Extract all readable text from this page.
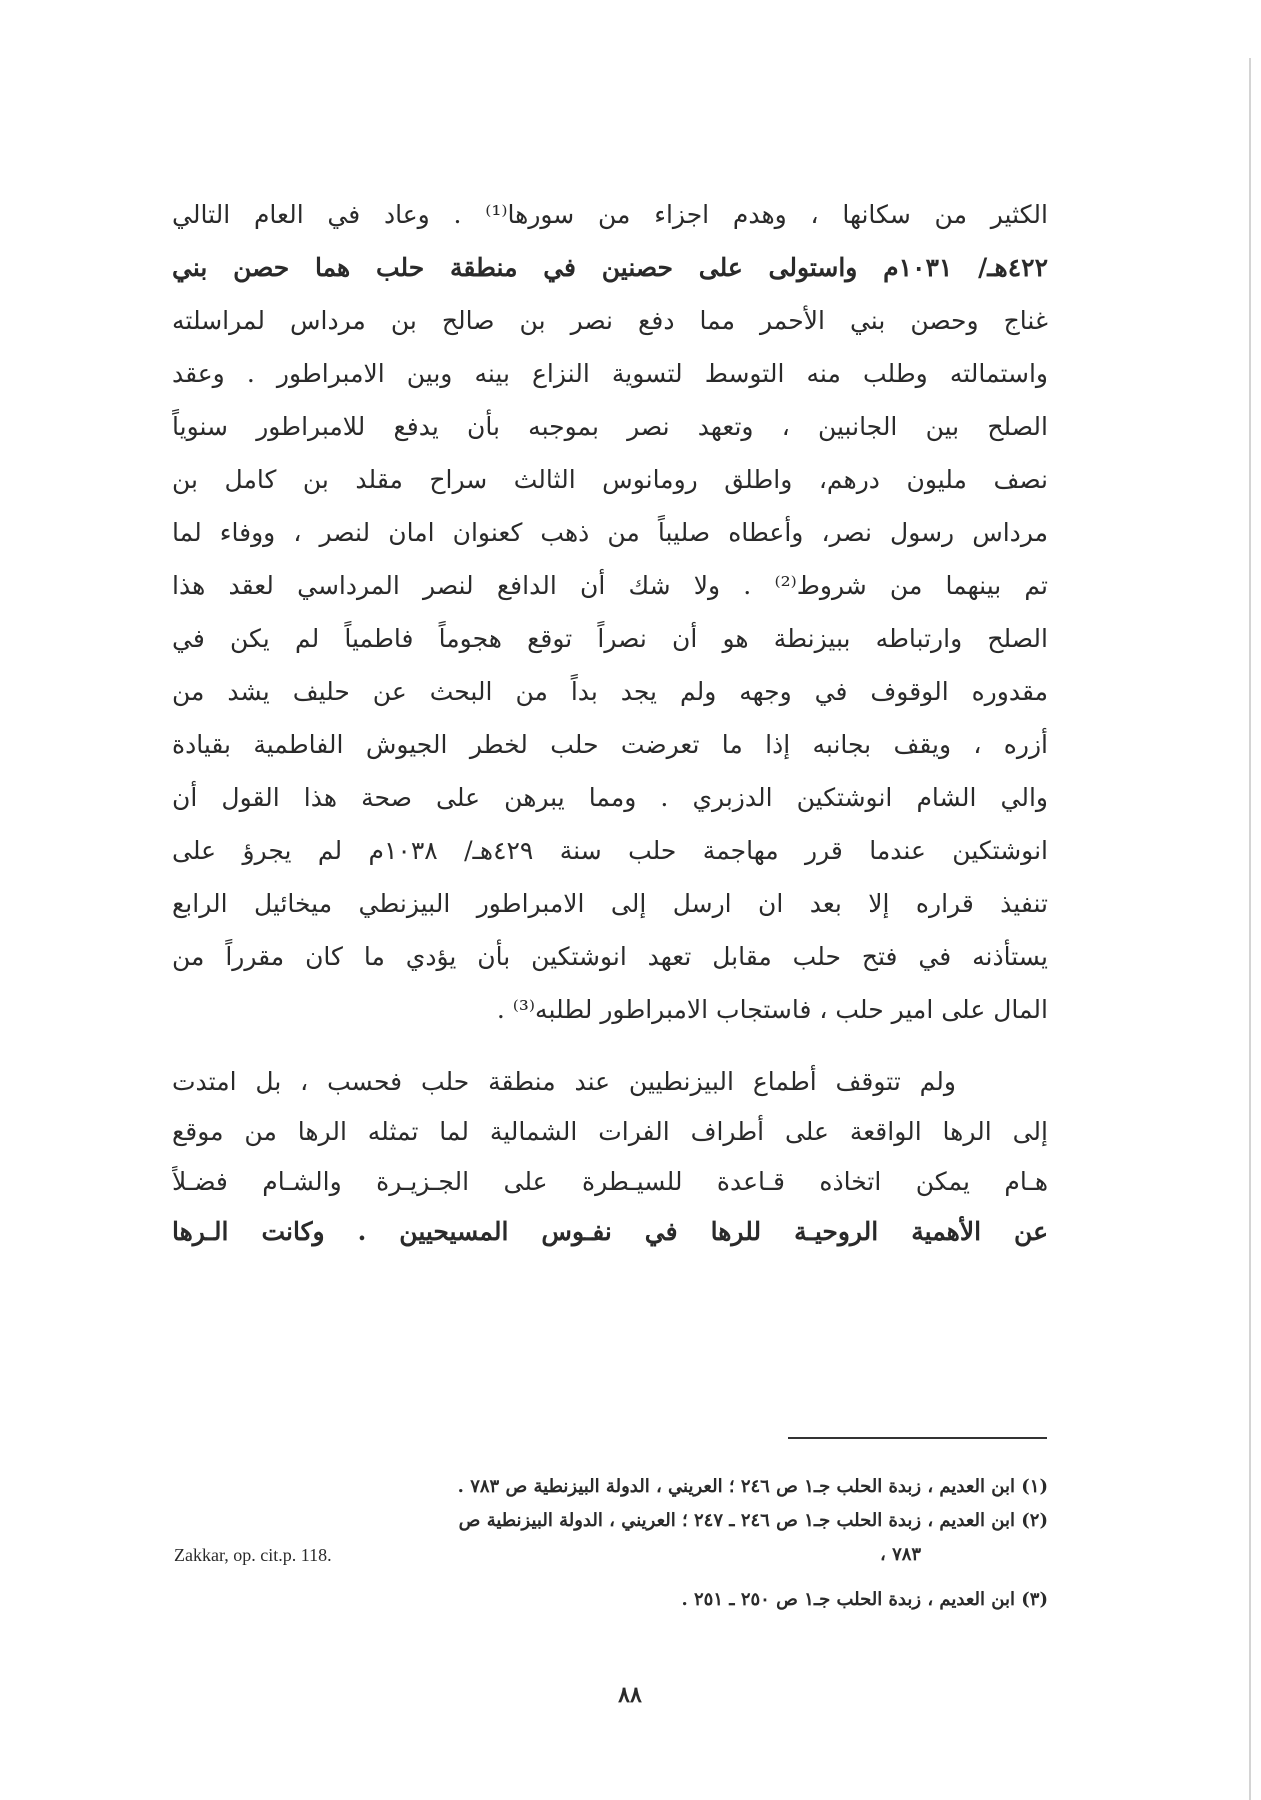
الكثير من سكانها ، وهدم اجزاء من سورها⁽¹⁾ . وعاد في العام التالي
٤٢٢هـ/ ١٠٣١م واستولى على حصنين في منطقة حلب هما حصن بني
غناج وحصن بني الأحمر مما دفع نصر بن صالح بن مرداس لمراسلته
واستمالته وطلب منه التوسط لتسوية النزاع بينه وبين الامبراطور . وعقد
الصلح بين الجانبين ، وتعهد نصر بموجبه بأن يدفع للامبراطور سنوياً
نصف مليون درهم، واطلق رومانوس الثالث سراح مقلد بن كامل بن
مرداس رسول نصر، وأعطاه صليباً من ذهب كعنوان امان لنصر ، ووفاء لما
تم بينهما من شروط⁽²⁾ . ولا شك أن الدافع لنصر المرداسي لعقد هذا
الصلح وارتباطه ببيزنطة هو أن نصراً توقع هجوماً فاطمياً لم يكن في
مقدوره الوقوف في وجهه ولم يجد بداً من البحث عن حليف يشد من
أزره ، ويقف بجانبه إذا ما تعرضت حلب لخطر الجيوش الفاطمية بقيادة
والي الشام انوشتكين الدزبري . ومما يبرهن على صحة هذا القول أن
انوشتكين عندما قرر مهاجمة حلب سنة ٤٢٩هـ/ ١٠٣٨م لم يجرؤ على
تنفيذ قراره إلا بعد ان ارسل إلى الامبراطور البيزنطي ميخائيل الرابع
يستأذنه في فتح حلب مقابل تعهد انوشتكين بأن يؤدي ما كان مقرراً من
المال على امير حلب ، فاستجاب الامبراطور لطلبه⁽³⁾ .
ولم تتوقف أطماع البيزنطيين عند منطقة حلب فحسب ، بل امتدت
إلى الرها الواقعة على أطراف الفرات الشمالية لما تمثله الرها من موقع
هـام يمكن اتخاذه قـاعدة للسيـطرة على الجـزيـرة والشـام فضـلاً
عن الأهمية الروحيـة للرها في نفـوس المسيحيين . وكانت الـرها
(١) ابن العديم ، زبدة الحلب جـ١ ص ٢٤٦ ؛ العريني ، الدولة البيزنطية ص ٧٨٣ .
(٢) ابن العديم ، زبدة الحلب جـ١ ص ٢٤٦ ـ ٢٤٧ ؛ العريني ، الدولة البيزنطية ص
٧٨٣ ،
Zakkar, op. cit.p. 118.
(٣) ابن العديم ، زبدة الحلب جـ١ ص ٢٥٠ ـ ٢٥١ .
٨٨
